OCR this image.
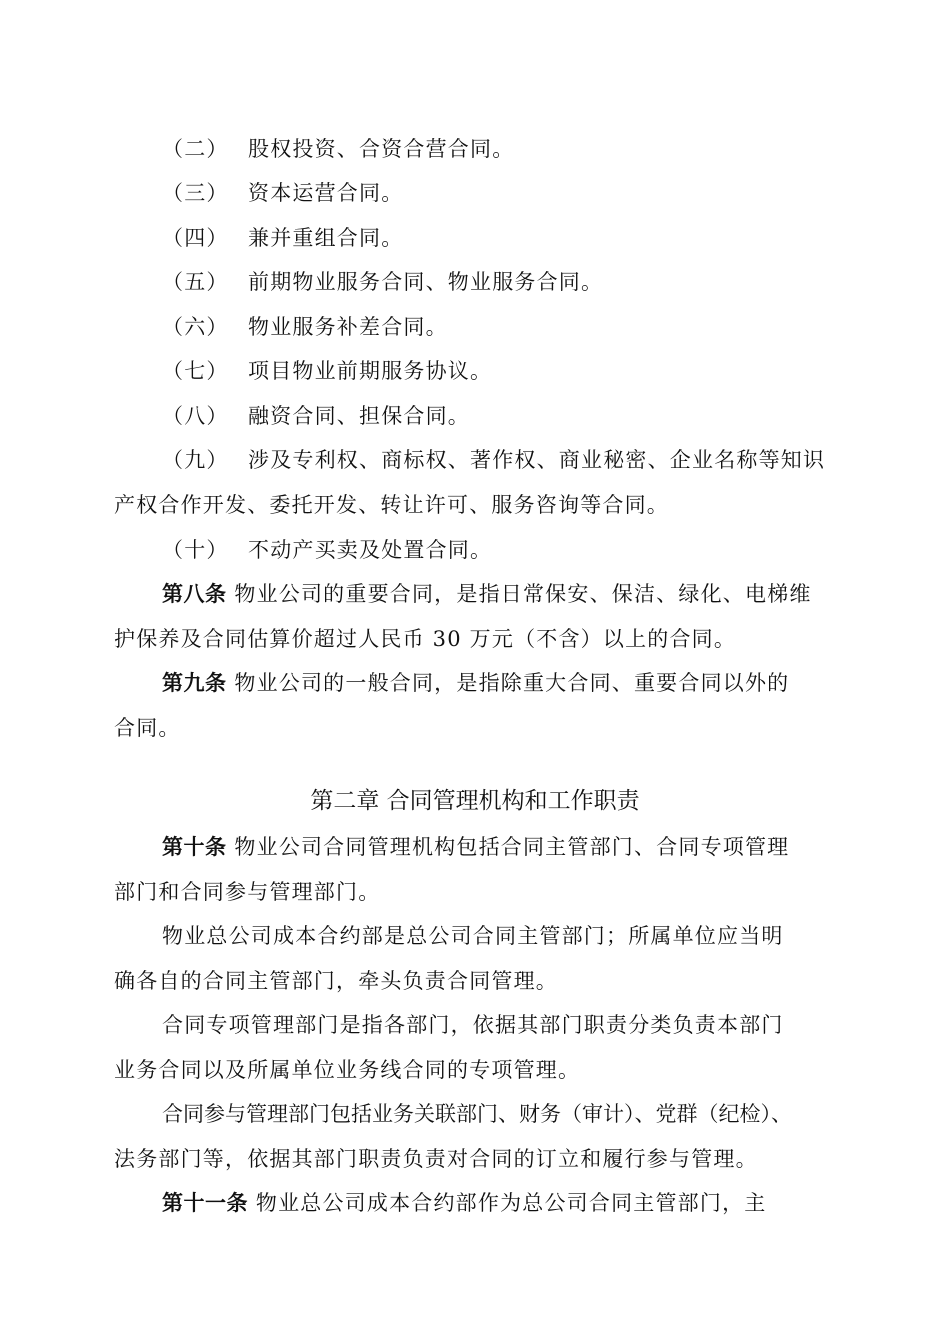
（二） 股权投资、合资合营合同。
（三） 资本运营合同。
（四） 兼并重组合同。
（五） 前期物业服务合同、物业服务合同。
（六） 物业服务补差合同。
（七） 项目物业前期服务协议。
（八） 融资合同、担保合同。
（九） 涉及专利权、商标权、著作权、商业秘密、企业名称等知识
产权合作开发、委托开发、转让许可、服务咨询等合同。
（十） 不动产买卖及处置合同。
第八条 物业公司的重要合同，是指日常保安、保洁、绿化、电梯维
护保养及合同估算价超过人民币 30 万元（不含）以上的合同。
第九条 物业公司的一般合同，是指除重大合同、重要合同以外的
合同。
第二章 合同管理机构和工作职责
第十条 物业公司合同管理机构包括合同主管部门、合同专项管理
部门和合同参与管理部门。
物业总公司成本合约部是总公司合同主管部门；所属单位应当明
确各自的合同主管部门，牵头负责合同管理。
合同专项管理部门是指各部门，依据其部门职责分类负责本部门
业务合同以及所属单位业务线合同的专项管理。
合同参与管理部门包括业务关联部门、财务（审计）、党群（纪检）、
法务部门等，依据其部门职责负责对合同的订立和履行参与管理。
第十一条 物业总公司成本合约部作为总公司合同主管部门，主
